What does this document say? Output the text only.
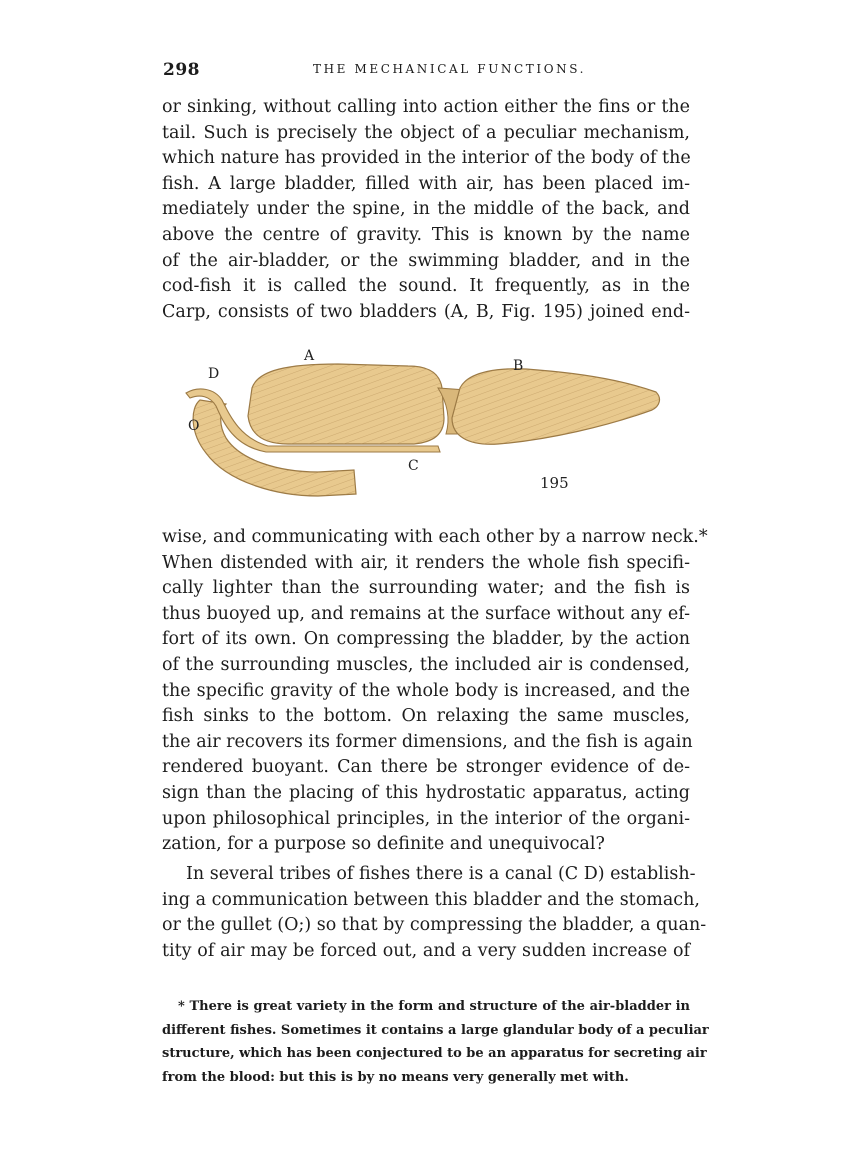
298	THE MECHANICAL FUNCTIONS.
or sinking, without calling into action either the fins or the
tail. Such is precisely the object of a peculiar mechanism,
which nature has provided in the interior of the body of the
fish. A large bladder, filled with air, has been placed im-
mediately under the spine, in the middle of the back, and
above the centre of gravity. This is known by the name
of the air-bladder, or the swimming bladder, and in the
cod-fish it is called the sound. It frequently, as in the
Carp, consists of two bladders (A, B, Fig. 195) joined end-
A
B
C
D
O
195
wise, and communicating with each other by a narrow neck.*
When distended with air, it renders the whole fish specifi-
cally lighter than the surrounding water; and the fish is
thus buoyed up, and remains at the surface without any ef-
fort of its own. On compressing the bladder, by the action
of the surrounding muscles, the included air is condensed,
the specific gravity of the whole body is increased, and the
fish sinks to the bottom. On relaxing the same muscles,
the air recovers its former dimensions, and the fish is again
rendered buoyant. Can there be stronger evidence of de-
sign than the placing of this hydrostatic apparatus, acting
upon philosophical principles, in the interior of the organi-
zation, for a purpose so definite and unequivocal?
In several tribes of fishes there is a canal (C D) establish-
ing a communication between this bladder and the stomach,
or the gullet (O;) so that by compressing the bladder, a quan-
tity of air may be forced out, and a very sudden increase of
* There is great variety in the form and structure of the air-bladder in
different fishes. Sometimes it contains a large glandular body of a peculiar
structure, which has been conjectured to be an apparatus for secreting air
from the blood: but this is by no means very generally met with.
